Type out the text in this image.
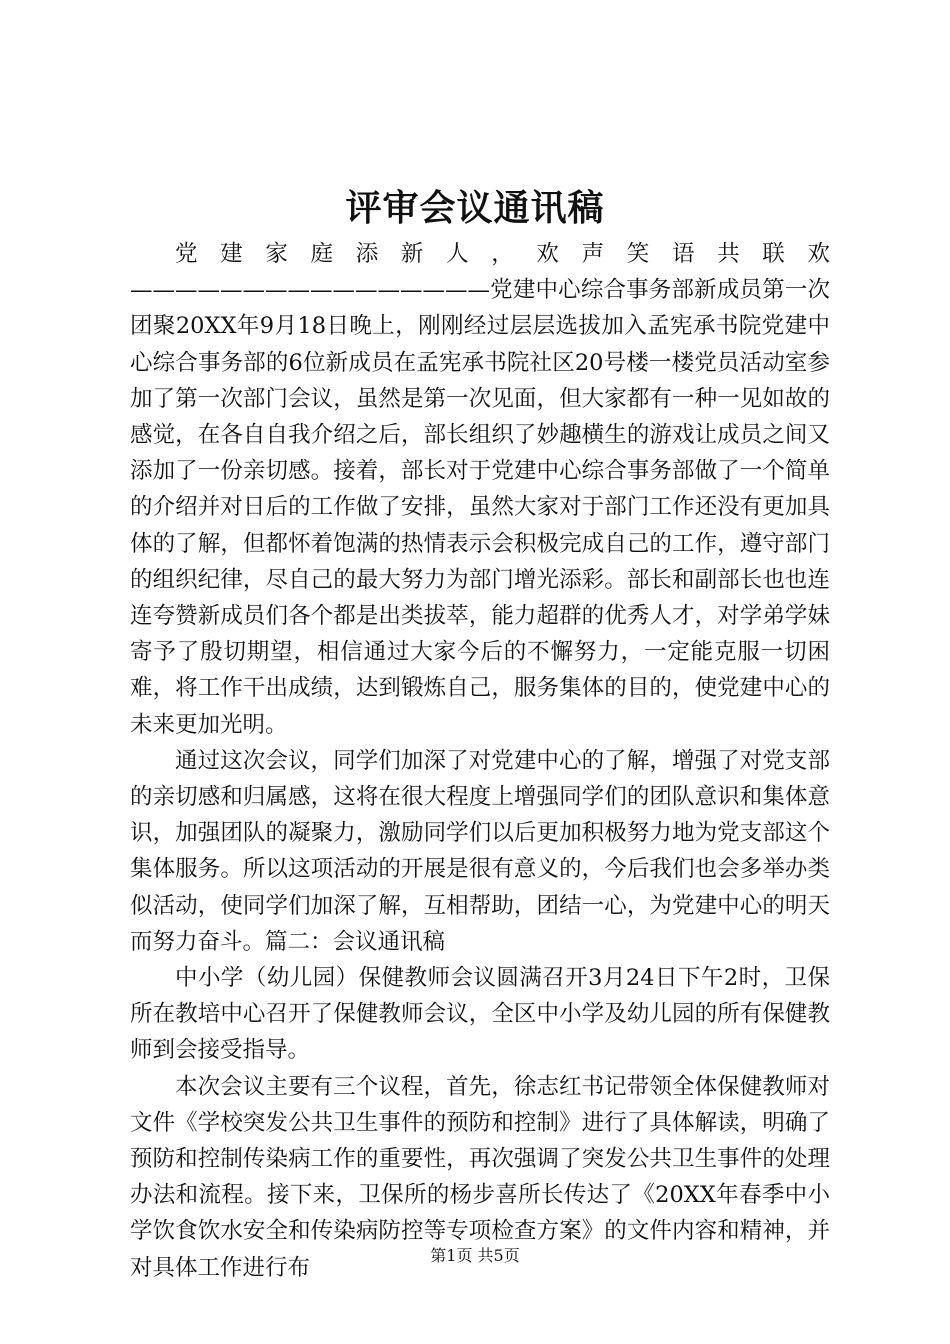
评审会议通讯稿

党建家庭添新人，欢声笑语共联欢————————————————党建中心综合事务部新成员第一次团聚20XX年9月18日晚上，刚刚经过层层选拔加入孟宪承书院党建中心综合事务部的6位新成员在孟宪承书院社区20号楼一楼党员活动室参加了第一次部门会议，虽然是第一次见面，但大家都有一种一见如故的感觉，在各自自我介绍之后，部长组织了妙趣横生的游戏让成员之间又添加了一份亲切感。接着，部长对于党建中心综合事务部做了一个简单的介绍并对日后的工作做了安排，虽然大家对于部门工作还没有更加具体的了解，但都怀着饱满的热情表示会积极完成自己的工作，遵守部门的组织纪律，尽自己的最大努力为部门增光添彩。部长和副部长也也连连夸赞新成员们各个都是出类拔萃，能力超群的优秀人才，对学弟学妹寄予了殷切期望，相信通过大家今后的不懈努力，一定能克服一切困难，将工作干出成绩，达到锻炼自己，服务集体的目的，使党建中心的未来更加光明。

通过这次会议，同学们加深了对党建中心的了解，增强了对党支部的亲切感和归属感，这将在很大程度上增强同学们的团队意识和集体意识，加强团队的凝聚力，激励同学们以后更加积极努力地为党支部这个集体服务。所以这项活动的开展是很有意义的，今后我们也会多举办类似活动，使同学们加深了解，互相帮助，团结一心，为党建中心的明天而努力奋斗。篇二：会议通讯稿

中小学（幼儿园）保健教师会议圆满召开3月24日下午2时，卫保所在教培中心召开了保健教师会议，全区中小学及幼儿园的所有保健教师到会接受指导。

本次会议主要有三个议程，首先，徐志红书记带领全体保健教师对文件《学校突发公共卫生事件的预防和控制》进行了具体解读，明确了预防和控制传染病工作的重要性，再次强调了突发公共卫生事件的处理办法和流程。接下来，卫保所的杨步喜所长传达了《20XX年春季中小学饮食饮水安全和传染病防控等专项检查方案》的文件内容和精神，并对具体工作进行布	第1页 共5页
